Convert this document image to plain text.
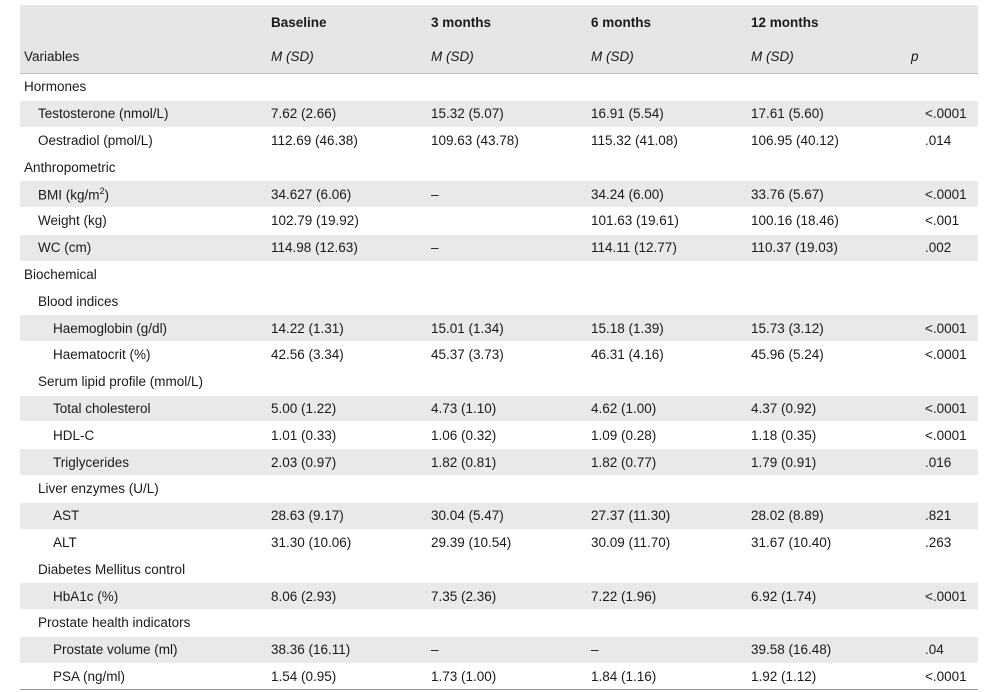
	Baseline	3 months	6 months	12 months	
Variables	M (SD)	M (SD)	M (SD)	M (SD)	p
Hormones					
Testosterone (nmol/L)	7.62 (2.66)	15.32 (5.07)	16.91 (5.54)	17.61 (5.60)	<.0001
Oestradiol (pmol/L)	112.69 (46.38)	109.63 (43.78)	115.32 (41.08)	106.95 (40.12)	.014
Anthropometric					
BMI $(kg/m^2)$	34.627 (6.06)	–	34.24 (6.00)	33.76 (5.67)	<.0001
Weight (kg)	102.79 (19.92)		101.63 (19.61)	100.16 (18.46)	<.001
WC (cm)	114.98 (12.63)	–	114.11 (12.77)	110.37 (19.03)	.002
Biochemical					
Blood indices					
Haemoglobin (g/dl)	14.22 (1.31)	15.01 (1.34)	15.18 (1.39)	15.73 (3.12)	<.0001
Haematocrit (%)	42.56 (3.34)	45.37 (3.73)	46.31 (4.16)	45.96 (5.24)	<.0001
Serum lipid profile (mmol/L)					
Total cholesterol	5.00 (1.22)	4.73 (1.10)	4.62 (1.00)	4.37 (0.92)	<.0001
HDL-C	1.01 (0.33)	1.06 (0.32)	1.09 (0.28)	1.18 (0.35)	<.0001
Triglycerides	2.03 (0.97)	1.82 (0.81)	1.82 (0.77)	1.79 (0.91)	.016
Liver enzymes (U/L)					
AST	28.63 (9.17)	30.04 (5.47)	27.37 (11.30)	28.02 (8.89)	.821
ALT	31.30 (10.06)	29.39 (10.54)	30.09 (11.70)	31.67 (10.40)	.263
Diabetes Mellitus control					
HbA1c (%)	8.06 (2.93)	7.35 (2.36)	7.22 (1.96)	6.92 (1.74)	<.0001
Prostate health indicators					
Prostate volume (ml)	38.36 (16.11)	–	–	39.58 (16.48)	.04
PSA (ng/ml)	1.54 (0.95)	1.73 (1.00)	1.84 (1.16)	1.92 (1.12)	<.0001
